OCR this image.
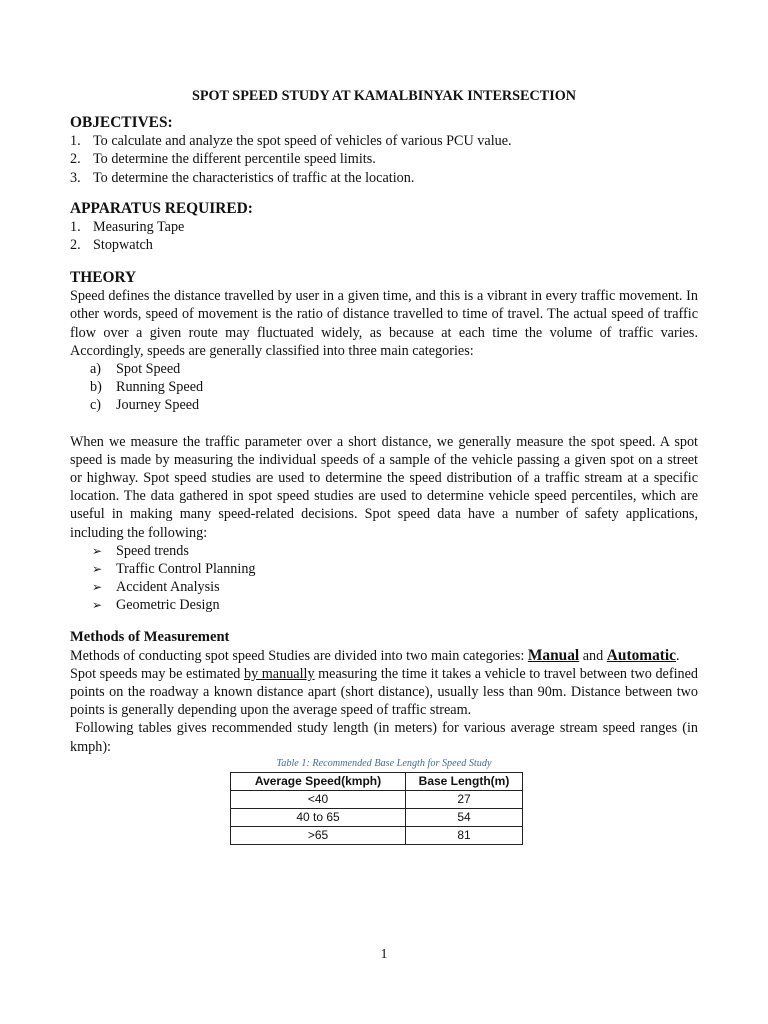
SPOT SPEED STUDY AT KAMALBINYAK INTERSECTION
OBJECTIVES:
1. To calculate and analyze the spot speed of vehicles of various PCU value.
2. To determine the different percentile speed limits.
3. To determine the characteristics of traffic at the location.
APPARATUS REQUIRED:
1. Measuring Tape
2. Stopwatch
THEORY

Speed defines the distance travelled by user in a given time, and this is a vibrant in every traffic movement. In other words, speed of movement is the ratio of distance travelled to time of travel. The actual speed of traffic flow over a given route may fluctuated widely, as because at each time the volume of traffic varies. Accordingly, speeds are generally classified into three main categories:

a) Spot Speed
b) Running Speed
c) Journey Speed

When we measure the traffic parameter over a short distance, we generally measure the spot speed. A spot speed is made by measuring the individual speeds of a sample of the vehicle passing a given spot on a street or highway. Spot speed studies are used to determine the speed distribution of a traffic stream at a specific location. The data gathered in spot speed studies are used to determine vehicle speed percentiles, which are useful in making many speed-related decisions. Spot speed data have a number of safety applications, including the following:

➢ Speed trends
➢ Traffic Control Planning
➢ Accident Analysis
➢ Geometric Design
Methods of Measurement

Methods of conducting spot speed Studies are divided into two main categories: Manual and Automatic.

Spot speeds may be estimated by manually measuring the time it takes a vehicle to travel between two defined points on the roadway a known distance apart (short distance), usually less than 90m. Distance between two points is generally depending upon the average speed of traffic stream.

Following tables gives recommended study length (in meters) for various average stream speed ranges (in kmph):

Table 1: Recommended Base Length for Speed Study
Average Speed(kmph)	Base Length(m)
<40	27
40 to 65	54
>65	81
1
